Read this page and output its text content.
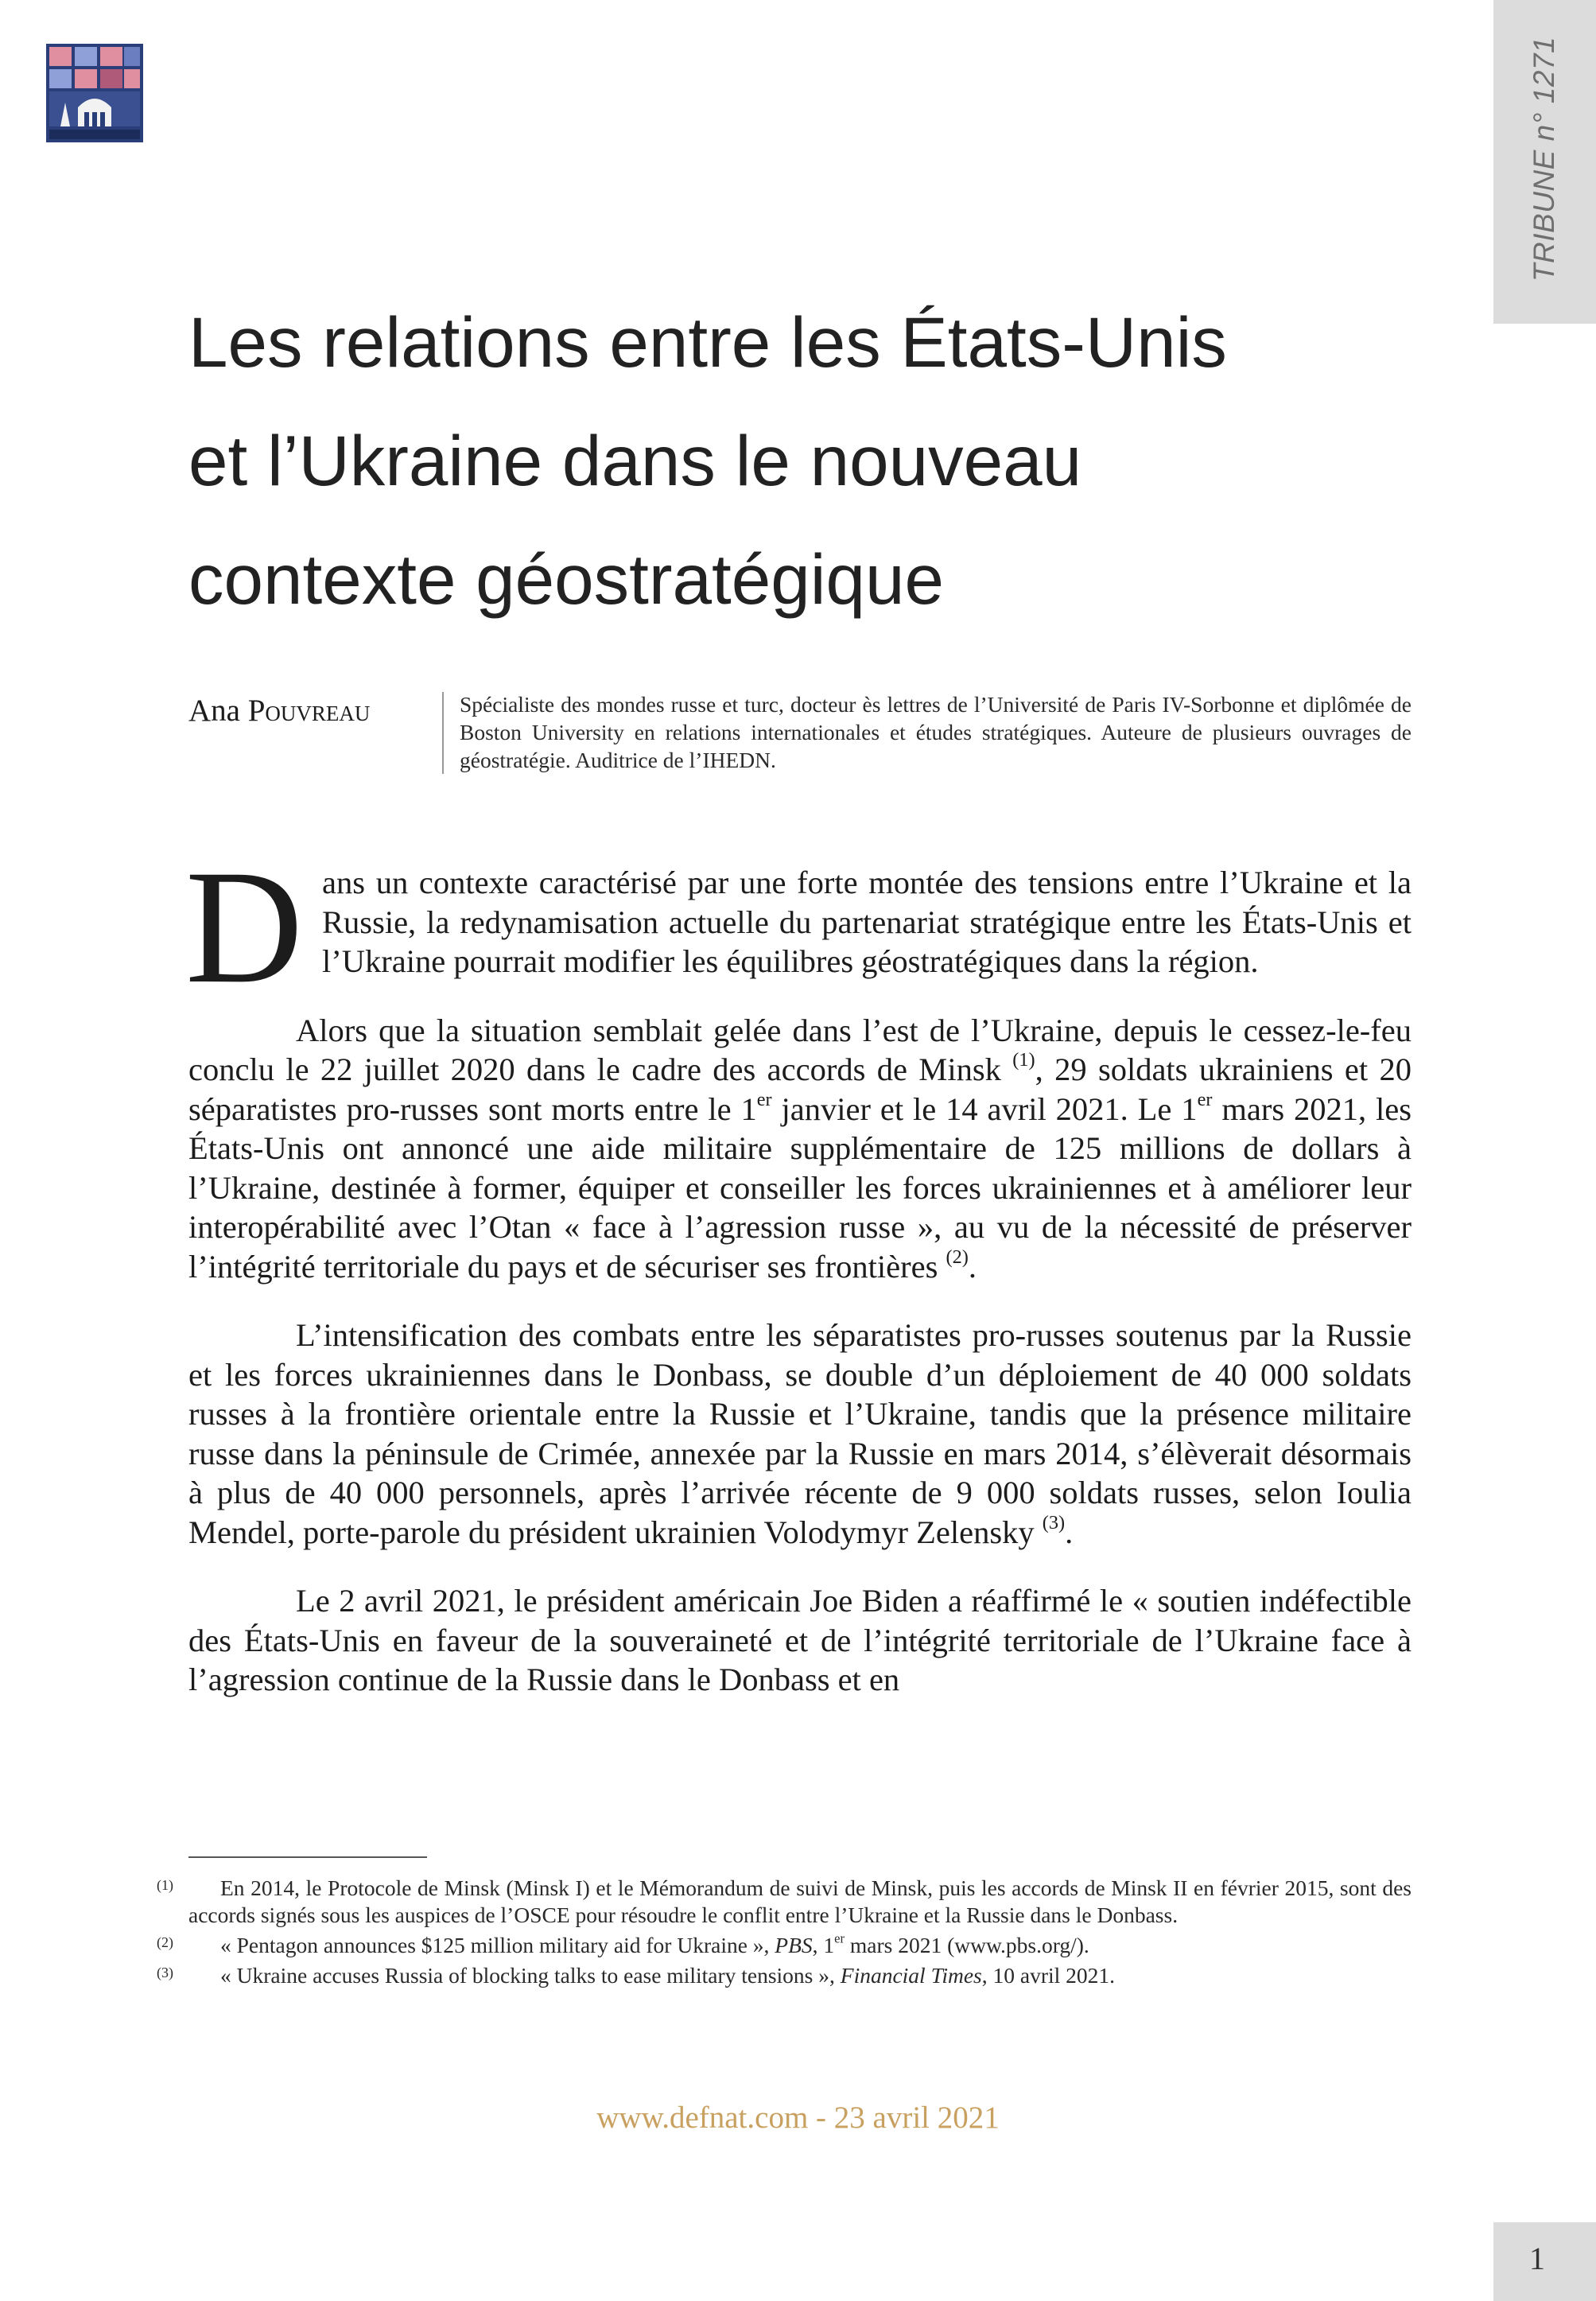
TRIBUNE n° 1271
Les relations entre les États-Unis
et l’Ukraine dans le nouveau
contexte géostratégique
Ana Pouvreau	Spécialiste des mondes russe et turc, docteur ès lettres de l’Université de Paris IV-Sorbonne et diplômée de Boston University en relations internationales et études stratégiques. Auteure de plusieurs ouvrages de géostratégie. Auditrice de l’IHEDN.

Dans un contexte caractérisé par une forte montée des tensions entre l’Ukraine et la Russie, la redynamisation actuelle du partenariat stratégique entre les États-Unis et l’Ukraine pourrait modifier les équilibres géostratégiques dans la région.

Alors que la situation semblait gelée dans l’est de l’Ukraine, depuis le cessez-le-feu conclu le 22 juillet 2020 dans le cadre des accords de Minsk $^{(1)}$, 29 soldats ukrainiens et 20 séparatistes pro-russes sont morts entre le 1er janvier et le 14 avril 2021. Le 1er mars 2021, les États-Unis ont annoncé une aide militaire supplémentaire de 125 millions de dollars à l’Ukraine, destinée à former, équiper et conseiller les forces ukrainiennes et à améliorer leur interopérabilité avec l’Otan « face à l’agression russe », au vu de la nécessité de préserver l’intégrité territoriale du pays et de sécuriser ses frontières $^{(2)}$.

L’intensification des combats entre les séparatistes pro-russes soutenus par la Russie et les forces ukrainiennes dans le Donbass, se double d’un déploiement de 40 000 soldats russes à la frontière orientale entre la Russie et l’Ukraine, tandis que la présence militaire russe dans la péninsule de Crimée, annexée par la Russie en mars 2014, s’élèverait désormais à plus de 40 000 personnels, après l’arrivée récente de 9 000 soldats russes, selon Ioulia Mendel, porte-parole du président ukrainien Volodymyr Zelensky $^{(3)}$.

Le 2 avril 2021, le président américain Joe Biden a réaffirmé le « soutien indéfectible des États-Unis en faveur de la souveraineté et de l’intégrité territoriale de l’Ukraine face à l’agression continue de la Russie dans le Donbass et en

(1) En 2014, le Protocole de Minsk (Minsk I) et le Mémorandum de suivi de Minsk, puis les accords de Minsk II en février 2015, sont des accords signés sous les auspices de l’OSCE pour résoudre le conflit entre l’Ukraine et la Russie dans le Donbass.

(2) « Pentagon announces $125 million military aid for Ukraine », PBS, 1er mars 2021 (www.pbs.org/).

(3) « Ukraine accuses Russia of blocking talks to ease military tensions », Financial Times, 10 avril 2021.

www.defnat.com - 23 avril 2021
1
